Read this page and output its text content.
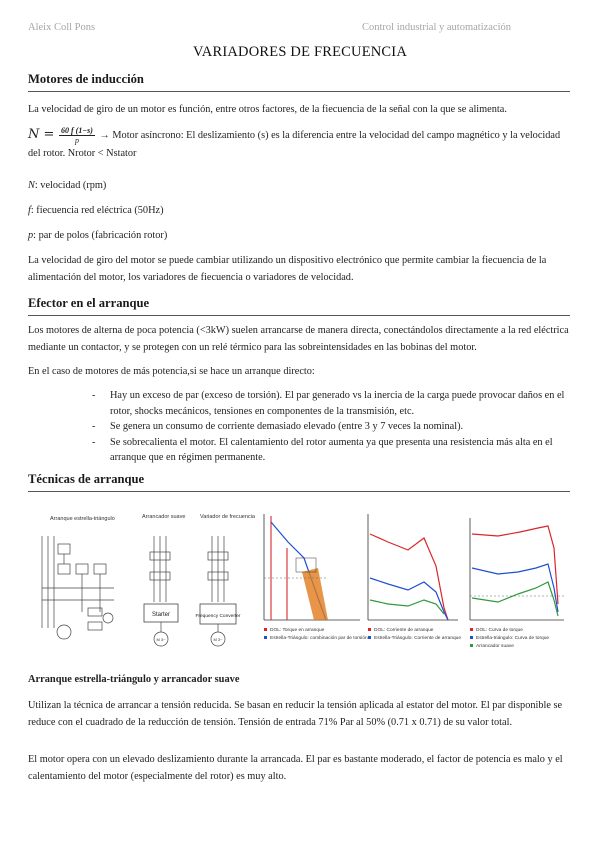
Aleix Coll Pons	Control industrial y automatización
VARIADORES DE FRECUENCIA
Motores de inducción
La velocidad de giro de un motor es función, entre otros factores, de la fiecuencia de la señal con la que se alimenta.
$N = \frac{60 f (1-s)}{p}$ → Motor asíncrono: El deslizamiento (s) es la diferencia entre la velocidad del campo magnético y la velocidad del rotor. Nrotor < Nstator
N: velocidad (rpm)
f: fiecuencia red eléctrica (50Hz)
p: par de polos (fabricación rotor)
La velocidad de giro del motor se puede cambiar utilizando un dispositivo electrónico que permite cambiar la fiecuencia de la alimentación del motor, los variadores de fiecuencia o variadores de velocidad.
Efector en el arranque
Los motores de alterna de poca potencia (<3kW) suelen arrancarse de manera directa, conectándolos directamente a la red eléctrica mediante un contactor, y se protegen con un relé térmico para las sobreintensidades en las bobinas del motor.
En el caso de motores de más potencia,si se hace un arranque directo:
- Hay un exceso de par (exceso de torsión). El par generado vs la inercia de la carga puede provocar daños en el rotor, shocks mecánicos, tensiones en componentes de la transmisión, etc.
- Se genera un consumo de corriente demasiado elevado (entre 3 y 7 veces la nominal).
- Se sobrecalienta el motor. El calentamiento del rotor aumenta ya que presenta una resistencia más alta en el arranque que en régimen permanente.
Técnicas de arranque
Arranque estrella-triángulo	Arrancador suave
Starter
M 3~
Variador de frecuencia
Frequency Converter
M 3~
DOL: Torque en arranque
Estrella-Triángulo: combinación par de torsión
DOL: Corriente de arranque
Estrella-Triángulo: Corriente de arranque
DOL: Curva de torque
Estrella-triángulo: Curva de torque
Arrancador suave
Arranque estrella-triángulo y arrancador suave
Utilizan la técnica de arrancar a tensión reducida. Se basan en reducir la tensión aplicada al estator del motor. El par disponible se reduce con el cuadrado de la reducción de tensión. Tensión de entrada 71% Par al 50% (0.71 x 0.71) de su valor total.
El motor opera con un elevado deslizamiento durante la arrancada. El par es bastante moderado, el factor de potencia es malo y el calentamiento del motor (especialmente del rotor) es muy alto.
